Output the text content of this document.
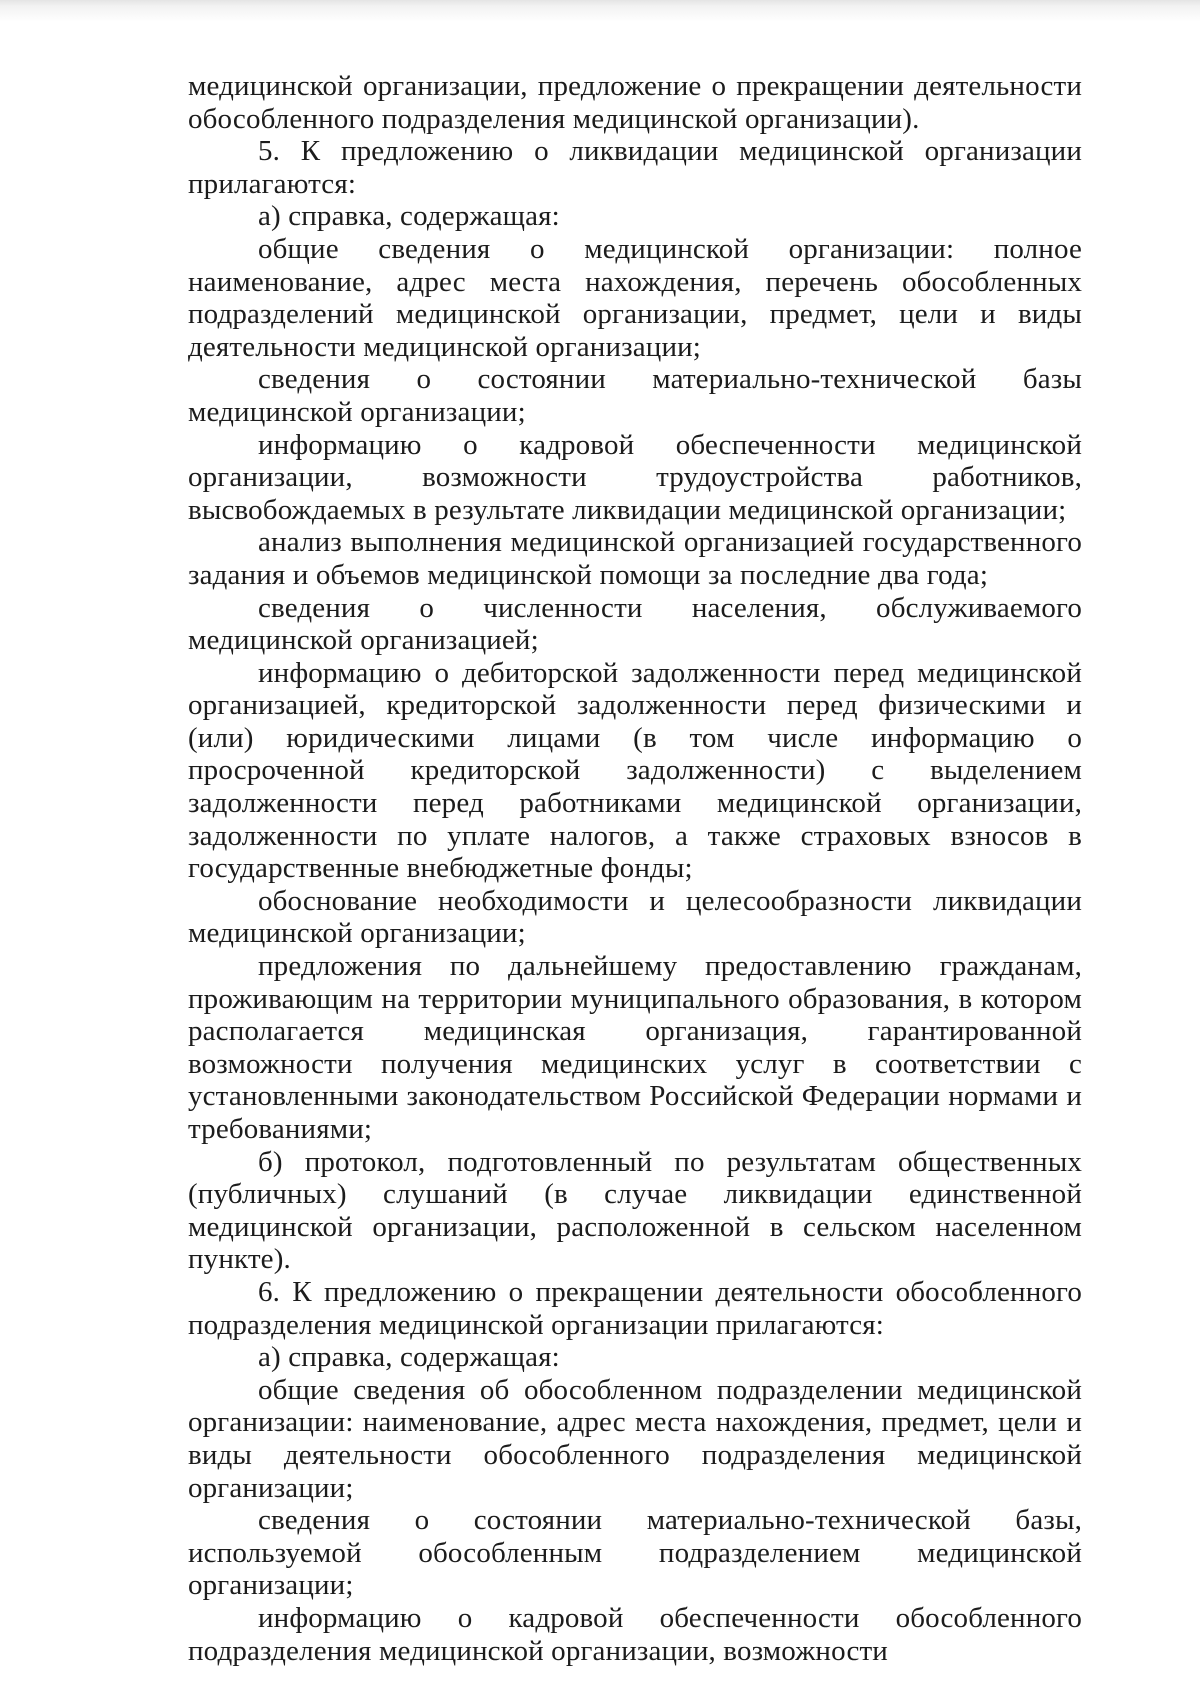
медицинской организации, предложение о прекращении деятельности обособленного подразделения медицинской организации).

5. К предложению о ликвидации медицинской организации прилагаются:

а) справка, содержащая:

общие сведения о медицинской организации: полное наименование, адрес места нахождения, перечень обособленных подразделений медицинской организации, предмет, цели и виды деятельности медицинской организации;

сведения о состоянии материально-технической базы медицинской организации;

информацию о кадровой обеспеченности медицинской организации, возможности трудоустройства работников, высвобождаемых в результате ликвидации медицинской организации;

анализ выполнения медицинской организацией государственного задания и объемов медицинской помощи за последние два года;

сведения о численности населения, обслуживаемого медицинской организацией;

информацию о дебиторской задолженности перед медицинской организацией, кредиторской задолженности перед физическими и (или) юридическими лицами (в том числе информацию о просроченной кредиторской задолженности) с выделением задолженности перед работниками медицинской организации, задолженности по уплате налогов, а также страховых взносов в государственные внебюджетные фонды;

обоснование необходимости и целесообразности ликвидации медицинской организации;

предложения по дальнейшему предоставлению гражданам, проживающим на территории муниципального образования, в котором располагается медицинская организация, гарантированной возможности получения медицинских услуг в соответствии с установленными законодательством Российской Федерации нормами и требованиями;

б) протокол, подготовленный по результатам общественных (публичных) слушаний (в случае ликвидации единственной медицинской организации, расположенной в сельском населенном пункте).

6. К предложению о прекращении деятельности обособленного подразделения медицинской организации прилагаются:

а) справка, содержащая:

общие сведения об обособленном подразделении медицинской организации: наименование, адрес места нахождения, предмет, цели и виды деятельности обособленного подразделения медицинской организации;

сведения о состоянии материально-технической базы, используемой обособленным подразделением медицинской организации;

информацию о кадровой обеспеченности обособленного подразделения медицинской организации, возможности
